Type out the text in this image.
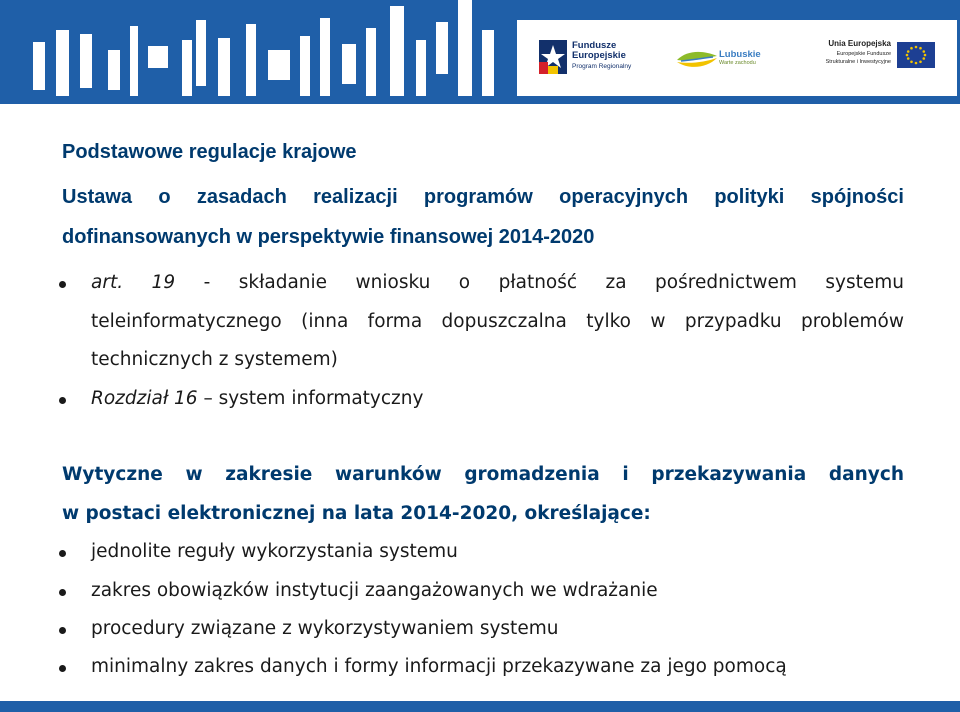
Fundusze
Europejskie
Program Regionalny
Lubuskie
Warte zachodu
Unia Europejska
Europejskie Fundusze
Strukturalne i Inwestycyjne
Podstawowe regulacje krajowe
Ustawa o zasadach realizacji programów operacyjnych polityki spójności
dofinansowanych w perspektywie finansowej 2014-2020
art. 19 - składanie wniosku o płatność za pośrednictwem systemu
teleinformatycznego (inna forma dopuszczalna tylko w przypadku problemów
technicznych z systemem)
Rozdział 16 – system informatyczny
Wytyczne w zakresie warunków gromadzenia i przekazywania danych
w postaci elektronicznej na lata 2014-2020, określające:
jednolite reguły wykorzystania systemu
zakres obowiązków instytucji zaangażowanych we wdrażanie
procedury związane z wykorzystywaniem systemu
minimalny zakres danych i formy informacji przekazywane za jego pomocą
